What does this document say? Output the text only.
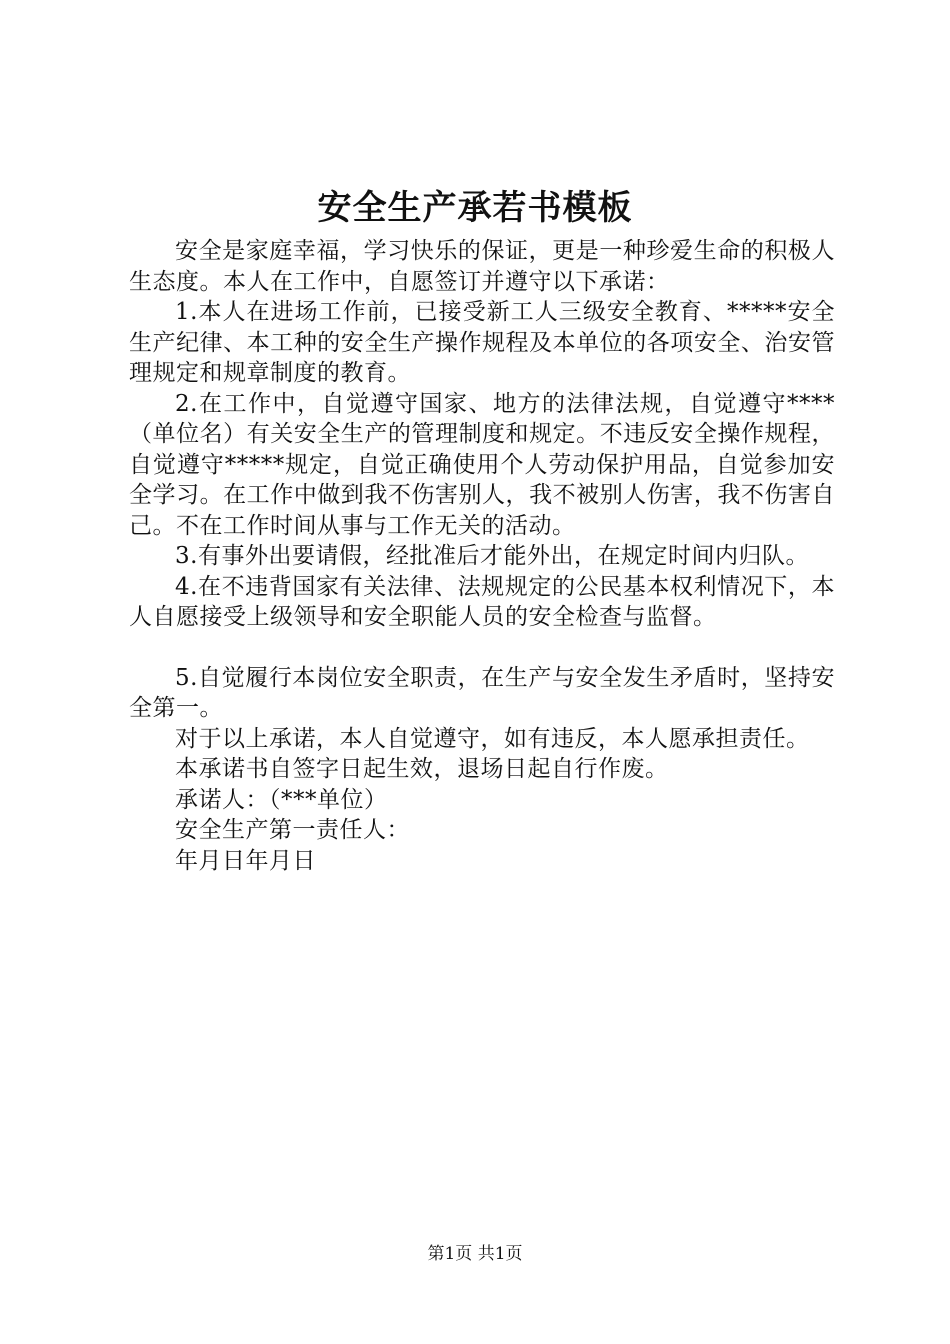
安全生产承若书模板

安全是家庭幸福，学习快乐的保证，更是一种珍爱生命的积极人生态度。本人在工作中，自愿签订并遵守以下承诺：

1.本人在进场工作前，已接受新工人三级安全教育、*****安全生产纪律、本工种的安全生产操作规程及本单位的各项安全、治安管理规定和规章制度的教育。

2.在工作中，自觉遵守国家、地方的法律法规，自觉遵守****（单位名）有关安全生产的管理制度和规定。不违反安全操作规程，自觉遵守*****规定，自觉正确使用个人劳动保护用品，自觉参加安全学习。在工作中做到我不伤害别人，我不被别人伤害，我不伤害自己。不在工作时间从事与工作无关的活动。

3.有事外出要请假，经批准后才能外出，在规定时间内归队。

4.在不违背国家有关法律、法规规定的公民基本权利情况下，本人自愿接受上级领导和安全职能人员的安全检查与监督。

5.自觉履行本岗位安全职责，在生产与安全发生矛盾时，坚持安全第一。

对于以上承诺，本人自觉遵守，如有违反，本人愿承担责任。

本承诺书自签字日起生效，退场日起自行作废。

承诺人：（***单位）

安全生产第一责任人：

年月日年月日

第1页 共1页
